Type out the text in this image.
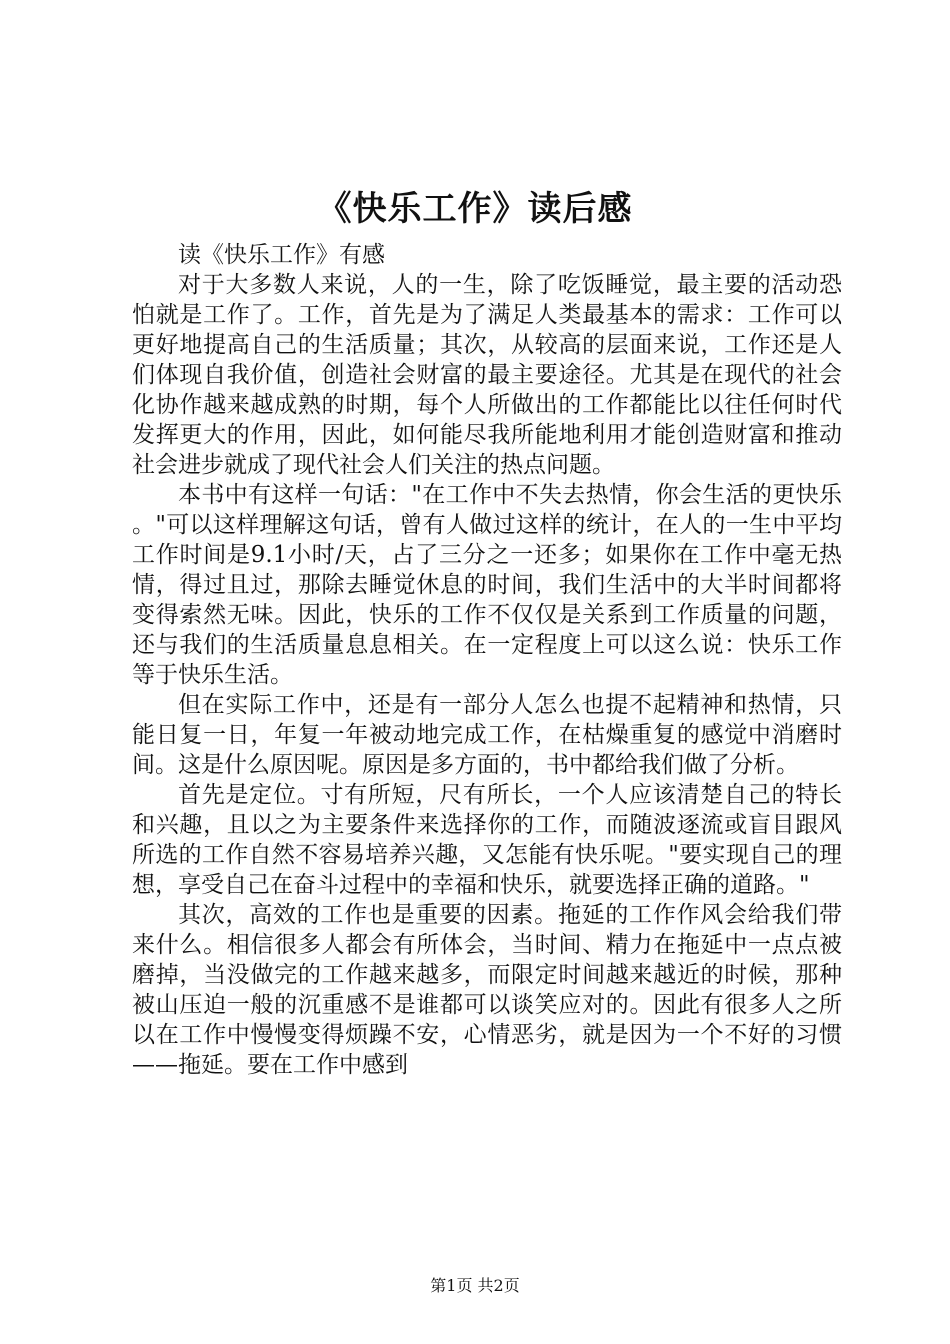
《快乐工作》读后感

读《快乐工作》有感

对于大多数人来说，人的一生，除了吃饭睡觉，最主要的活动恐怕就是工作了。工作，首先是为了满足人类最基本的需求：工作可以更好地提高自己的生活质量；其次，从较高的层面来说，工作还是人们体现自我价值，创造社会财富的最主要途径。尤其是在现代的社会化协作越来越成熟的时期，每个人所做出的工作都能比以往任何时代发挥更大的作用，因此，如何能尽我所能地利用才能创造财富和推动社会进步就成了现代社会人们关注的热点问题。

本书中有这样一句话："在工作中不失去热情，你会生活的更快乐。"可以这样理解这句话，曾有人做过这样的统计，在人的一生中平均工作时间是9.1小时/天，占了三分之一还多；如果你在工作中毫无热情，得过且过，那除去睡觉休息的时间，我们生活中的大半时间都将变得索然无味。因此，快乐的工作不仅仅是关系到工作质量的问题，还与我们的生活质量息息相关。在一定程度上可以这么说：快乐工作等于快乐生活。

但在实际工作中，还是有一部分人怎么也提不起精神和热情，只能日复一日，年复一年被动地完成工作，在枯燥重复的感觉中消磨时间。这是什么原因呢。原因是多方面的，书中都给我们做了分析。

首先是定位。寸有所短，尺有所长，一个人应该清楚自己的特长和兴趣，且以之为主要条件来选择你的工作，而随波逐流或盲目跟风所选的工作自然不容易培养兴趣，又怎能有快乐呢。"要实现自己的理想，享受自己在奋斗过程中的幸福和快乐，就要选择正确的道路。"

其次，高效的工作也是重要的因素。拖延的工作作风会给我们带来什么。相信很多人都会有所体会，当时间、精力在拖延中一点点被磨掉，当没做完的工作越来越多，而限定时间越来越近的时候，那种被山压迫一般的沉重感不是谁都可以谈笑应对的。因此有很多人之所以在工作中慢慢变得烦躁不安，心情恶劣，就是因为一个不好的习惯——拖延。要在工作中感到

第1页 共2页
